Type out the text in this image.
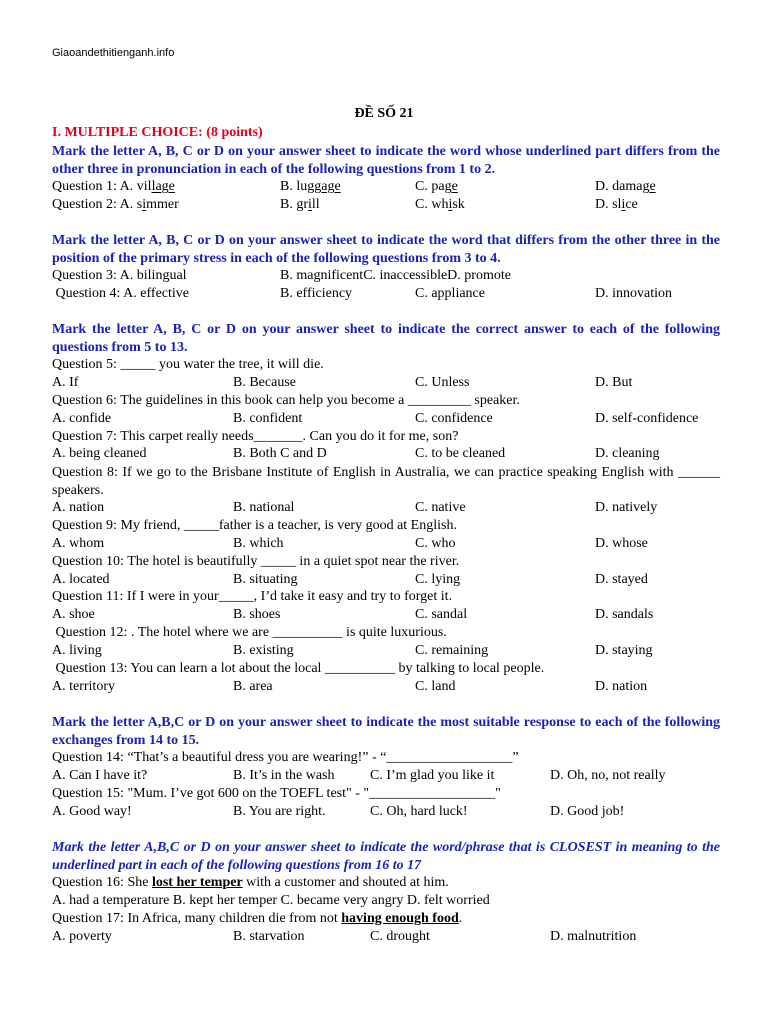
Giaoandethitienganh.info
ĐỀ SỐ 21
I. MULTIPLE CHOICE: (8 points)
Mark the letter A, B, C or D on your answer sheet to indicate the word whose underlined part differs from the other three in pronunciation in each of the following questions from 1 to 2.
Question 1: A. village	B. luggage	C. page	D. damage
Question 2: A. simmer	B. grill	C. whisk	D. slice
Mark the letter A, B, C or D on your answer sheet to indicate the word that differs from the other three in the position of the primary stress in each of the following questions from 3 to 4.
Question 3: A. bilingual	B. magnificentC. inaccessibleD. promote
Question 4: A. effective	B. efficiency	C. appliance	D. innovation
Mark the letter A, B, C or D on your answer sheet to indicate the correct answer to each of the following questions from 5 to 13.
Question 5: _____ you water the tree, it will die.
A. If	B. Because	C. Unless	D. But
Question 6: The guidelines in this book can help you become a _________ speaker.
A. confide	B. confident	C. confidence	D. self-confidence
Question 7: This carpet really needs_______. Can you do it for me, son?
A. being cleaned	B. Both C and D	C. to be cleaned	D. cleaning
Question 8: If we go to the Brisbane Institute of English in Australia, we can practice speaking English with ______ speakers.
A. nation	B. national	C. native	D. natively
Question 9: My friend, _____father is a teacher, is very good at English.
A. whom	B. which	C. who	D. whose
Question 10: The hotel is beautifully _____ in a quiet spot near the river.
A. located	B. situating	C. lying	D. stayed
Question 11: If I were in your_____, I’d take it easy and try to forget it.
A. shoe	B. shoes	C. sandal	D. sandals
Question 12: . The hotel where we are __________ is quite luxurious.
A. living	B. existing	C. remaining	D. staying
Question 13: You can learn a lot about the local __________ by talking to local people.
A. territory	B. area	C. land	D. nation
Mark the letter A,B,C or D on your answer sheet to indicate the most suitable response to each of the following exchanges from 14 to 15.
Question 14: “That’s a beautiful dress you are wearing!” - “__________________”
A. Can I have it?	B. It’s in the wash	C. I’m glad you like it	D. Oh, no, not really
Question 15: "Mum. I’ve got 600 on the TOEFL test" - "__________________"
A. Good way!	B. You are right.	C. Oh, hard luck!	D. Good job!
Mark the letter A,B,C or D on your answer sheet to indicate the word/phrase that is CLOSEST in meaning to the underlined part in each of the following questions from 16 to 17
Question 16: She lost her temper with a customer and shouted at him.
A. had a temperature B. kept her temper C. became very angry D. felt worried
Question 17: In Africa, many children die from not having enough food.
A. poverty	B. starvation	C. drought	D. malnutrition
